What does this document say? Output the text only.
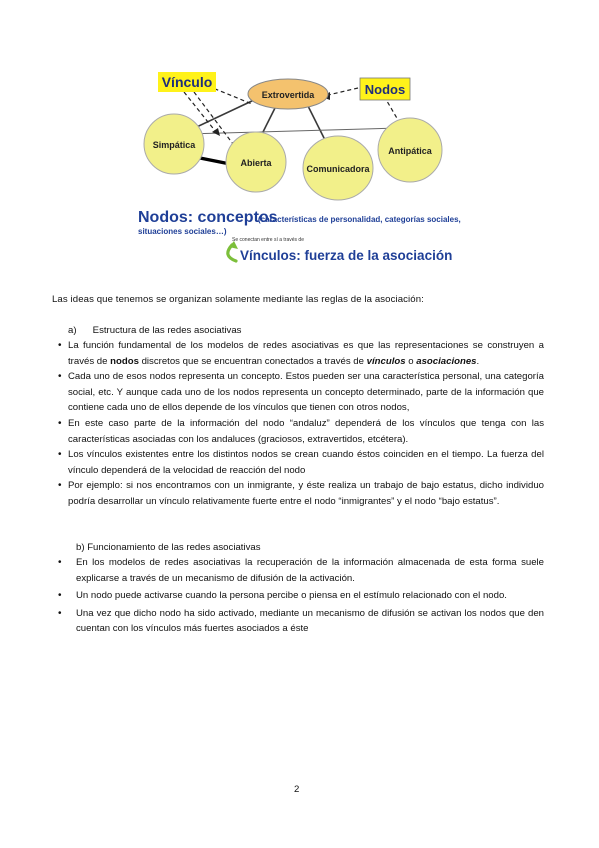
Vínculo	Nodos
Extrovertida
Simpática
Abierta
Comunicadora
Antipática
Nodos: conceptos
(características de personalidad, categorías sociales,
situaciones sociales…)
Se conectan entre sí a través de
Vínculos: fuerza de la asociación
Las ideas que tenemos se organizan solamente mediante las reglas de la asociación:
a) Estructura de las redes asociativas
• La función fundamental de los modelos de redes asociativas es que las representaciones se construyen a través de nodos discretos que se encuentran conectados a través de vínculos o asociaciones.
• Cada uno de esos nodos representa un concepto. Estos pueden ser una característica personal, una categoría social, etc. Y aunque cada uno de los nodos representa un concepto determinado, parte de la información que contiene cada uno de ellos depende de los vínculos que tienen con otros nodos,
• En este caso parte de la información del nodo “andaluz” dependerá de los vínculos que tenga con las características asociadas con los andaluces (graciosos, extravertidos, etcétera).
• Los vínculos existentes entre los distintos nodos se crean cuando éstos coinciden en el tiempo. La fuerza del vínculo dependerá de la velocidad de reacción del nodo
• Por ejemplo: si nos encontramos con un inmigrante, y éste realiza un trabajo de bajo estatus, dicho individuo podría desarrollar un vínculo relativamente fuerte entre el nodo “inmigrantes” y el nodo “bajo estatus”.
b) Funcionamiento de las redes asociativas
• En los modelos de redes asociativas la recuperación de la información almacenada de esta forma suele explicarse a través de un mecanismo de difusión de la activación.
• Un nodo puede activarse cuando la persona percibe o piensa en el estímulo relacionado con el nodo.
• Una vez que dicho nodo ha sido activado, mediante un mecanismo de difusión se activan los nodos que den cuentan con los vínculos más fuertes asociados a éste
2
